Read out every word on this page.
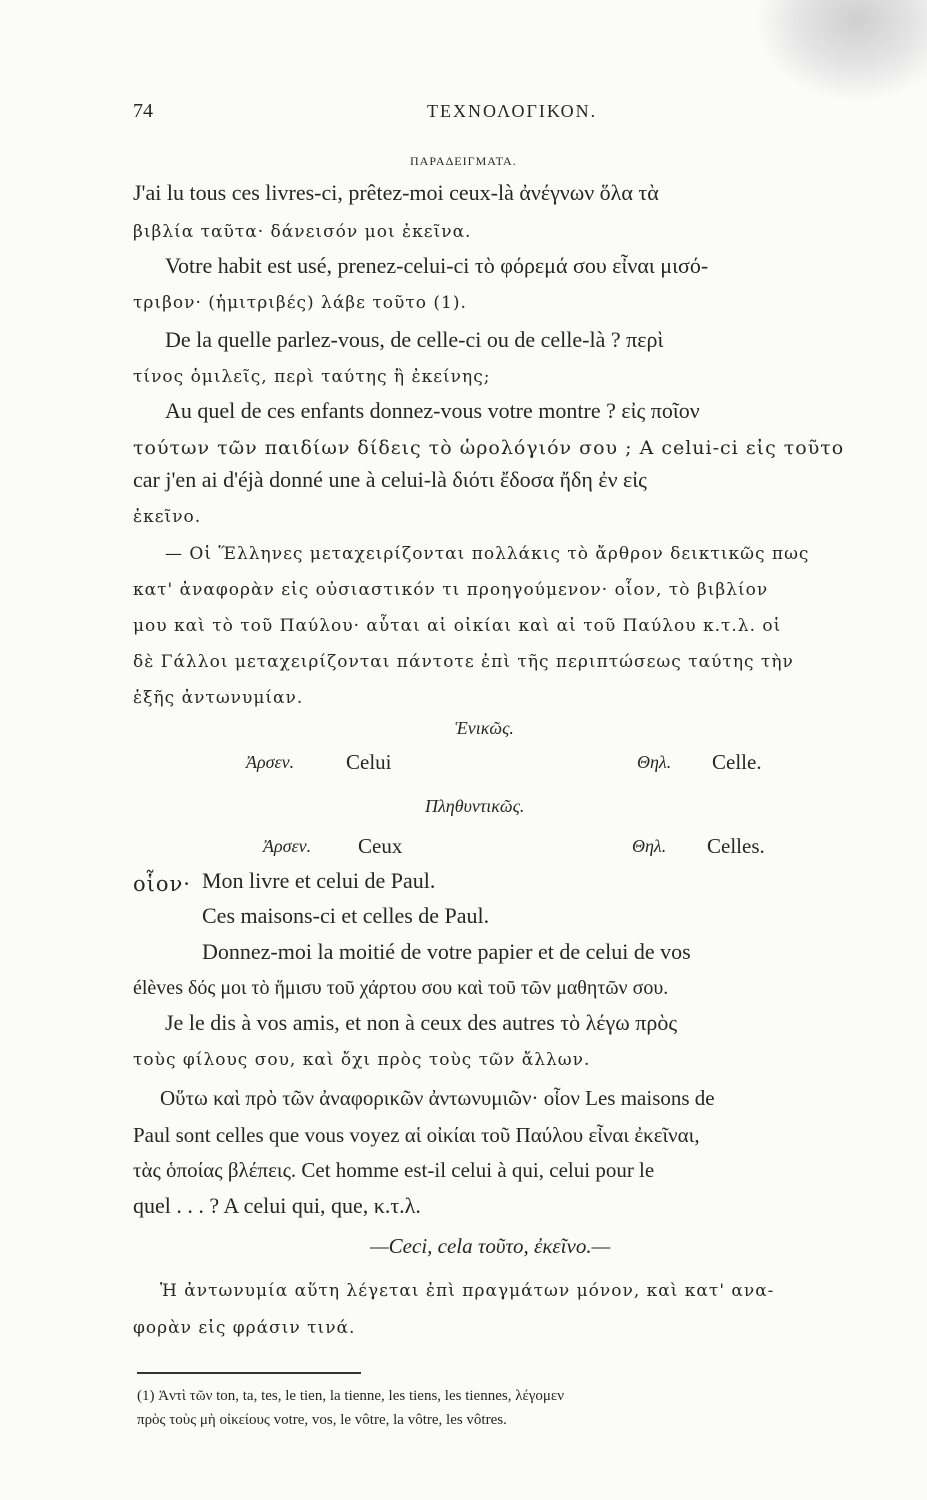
74	ΤΕΧΝΟΛΟΓΙΚΟΝ.
ΠΑΡΑΔΕΙΓΜΑΤΑ.
J'ai lu tous ces livres-ci, prêtez-moi ceux-là ἀνέγνων ὅλα τὰ
βιβλία ταῦτα· δάνεισόν μοι ἐκεῖνα.
Votre habit est usé, prenez-celui-ci τὸ φόρεμά σου εἶναι μισό-
τριβον· (ἡμιτριβές) λάβε τοῦτο (1).
De la quelle parlez-vous, de celle-ci ou de celle-là ? περὶ
τίνος ὁμιλεῖς, περὶ ταύτης ἢ ἐκείνης;
Au quel de ces enfants donnez-vous votre montre ? εἰς ποῖον
τούτων τῶν παιδίων δίδεις τὸ ὡρολόγιόν σου ; A celui-ci εἰς τοῦτο
car j'en ai d'éjà donné une à celui-là διότι ἔδοσα ἤδη ἐν εἰς
ἐκεῖνο.
— Οἱ Ἕλληνες μεταχειρίζονται πολλάκις τὸ ἄρθρον δεικτικῶς πως
κατ' ἀναφορὰν εἰς οὐσιαστικόν τι προηγούμενον· οἷον, τὸ βιβλίον
μου καὶ τὸ τοῦ Παύλου· αὗται αἱ οἰκίαι καὶ αἱ τοῦ Παύλου κ.τ.λ. οἱ
δὲ Γάλλοι μεταχειρίζονται πάντοτε ἐπὶ τῆς περιπτώσεως ταύτης τὴν
ἑξῆς ἀντωνυμίαν.
Ἑνικῶς.
Ἀρσεν. Celui	Θηλ. Celle.
Πληθυντικῶς.
Ἀρσεν. Ceux	Θηλ. Celles.
οἷον· Mon livre et celui de Paul.
Ces maisons-ci et celles de Paul.
Donnez-moi la moitié de votre papier et de celui de vos
élèves δός μοι τὸ ἥμισυ τοῦ χάρτου σου καὶ τοῦ τῶν μαθητῶν σου.
Je le dis à vos amis, et non à ceux des autres τὸ λέγω πρὸς
τοὺς φίλους σου, καὶ ὄχι πρὸς τοὺς τῶν ἄλλων.
Οὕτω καὶ πρὸ τῶν ἀναφορικῶν ἀντωνυμιῶν· οἷον Les maisons de
Paul sont celles que vous voyez αἱ οἰκίαι τοῦ Παύλου εἶναι ἐκεῖναι,
τὰς ὁποίας βλέπεις. Cet homme est-il celui à qui, celui pour le
quel . . . ? A celui qui, que, κ.τ.λ.
—Ceci, cela τοῦτο, ἐκεῖνο.—
Ἡ ἀντωνυμία αὕτη λέγεται ἐπὶ πραγμάτων μόνον, καὶ κατ' ανα-
φορὰν εἰς φράσιν τινά.
(1) Ἀντὶ τῶν ton, ta, tes, le tien, la tienne, les tiens, les tiennes, λέγομεν
πρὸς τοὺς μὴ οἰκείους votre, vos, le vôtre, la vôtre, les vôtres.
